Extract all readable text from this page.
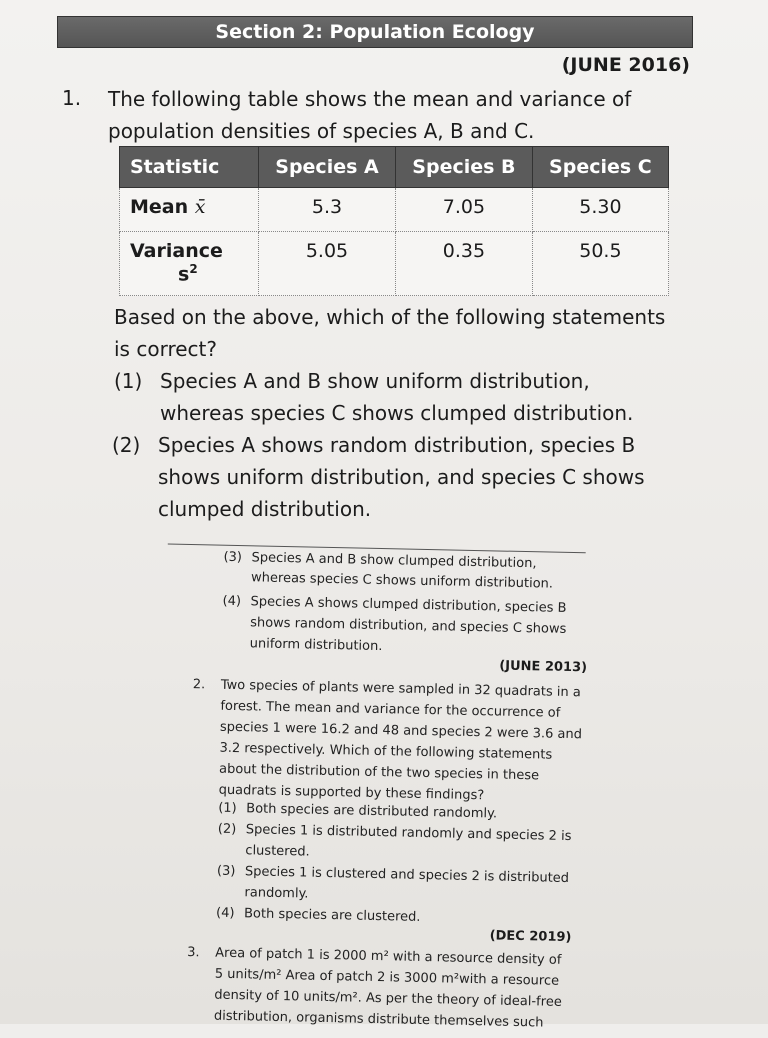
Section 2: Population Ecology
(JUNE 2016)
1. The following table shows the mean and variance of
population densities of species A, B and C.
Statistic	Species A	Species B	Species C
Mean x̄	5.3	7.05	5.30

Variance
$s^2$	5.05	0.35	50.5
Based on the above, which of the following statements
is correct?
(1) Species A and B show uniform distribution,
whereas species C shows clumped distribution.
(2) Species A shows random distribution, species B
shows uniform distribution, and species C shows
clumped distribution.
(3) Species A and B show clumped distribution,
whereas species C shows uniform distribution.
(4) Species A shows clumped distribution, species B
shows random distribution, and species C shows
uniform distribution.
(JUNE 2013)
2. Two species of plants were sampled in 32 quadrats in a
forest. The mean and variance for the occurrence of
species 1 were 16.2 and 48 and species 2 were 3.6 and
3.2 respectively. Which of the following statements
about the distribution of the two species in these
quadrats is supported by these findings?
(1) Both species are distributed randomly.
(2) Species 1 is distributed randomly and species 2 is
clustered.
(3) Species 1 is clustered and species 2 is distributed
randomly.
(4) Both species are clustered.
(DEC 2019)
3. Area of patch 1 is 2000 m² with a resource density of
5 units/m² Area of patch 2 is 3000 m²with a resource
density of 10 units/m². As per the theory of ideal-free
distribution, organisms distribute themselves such
